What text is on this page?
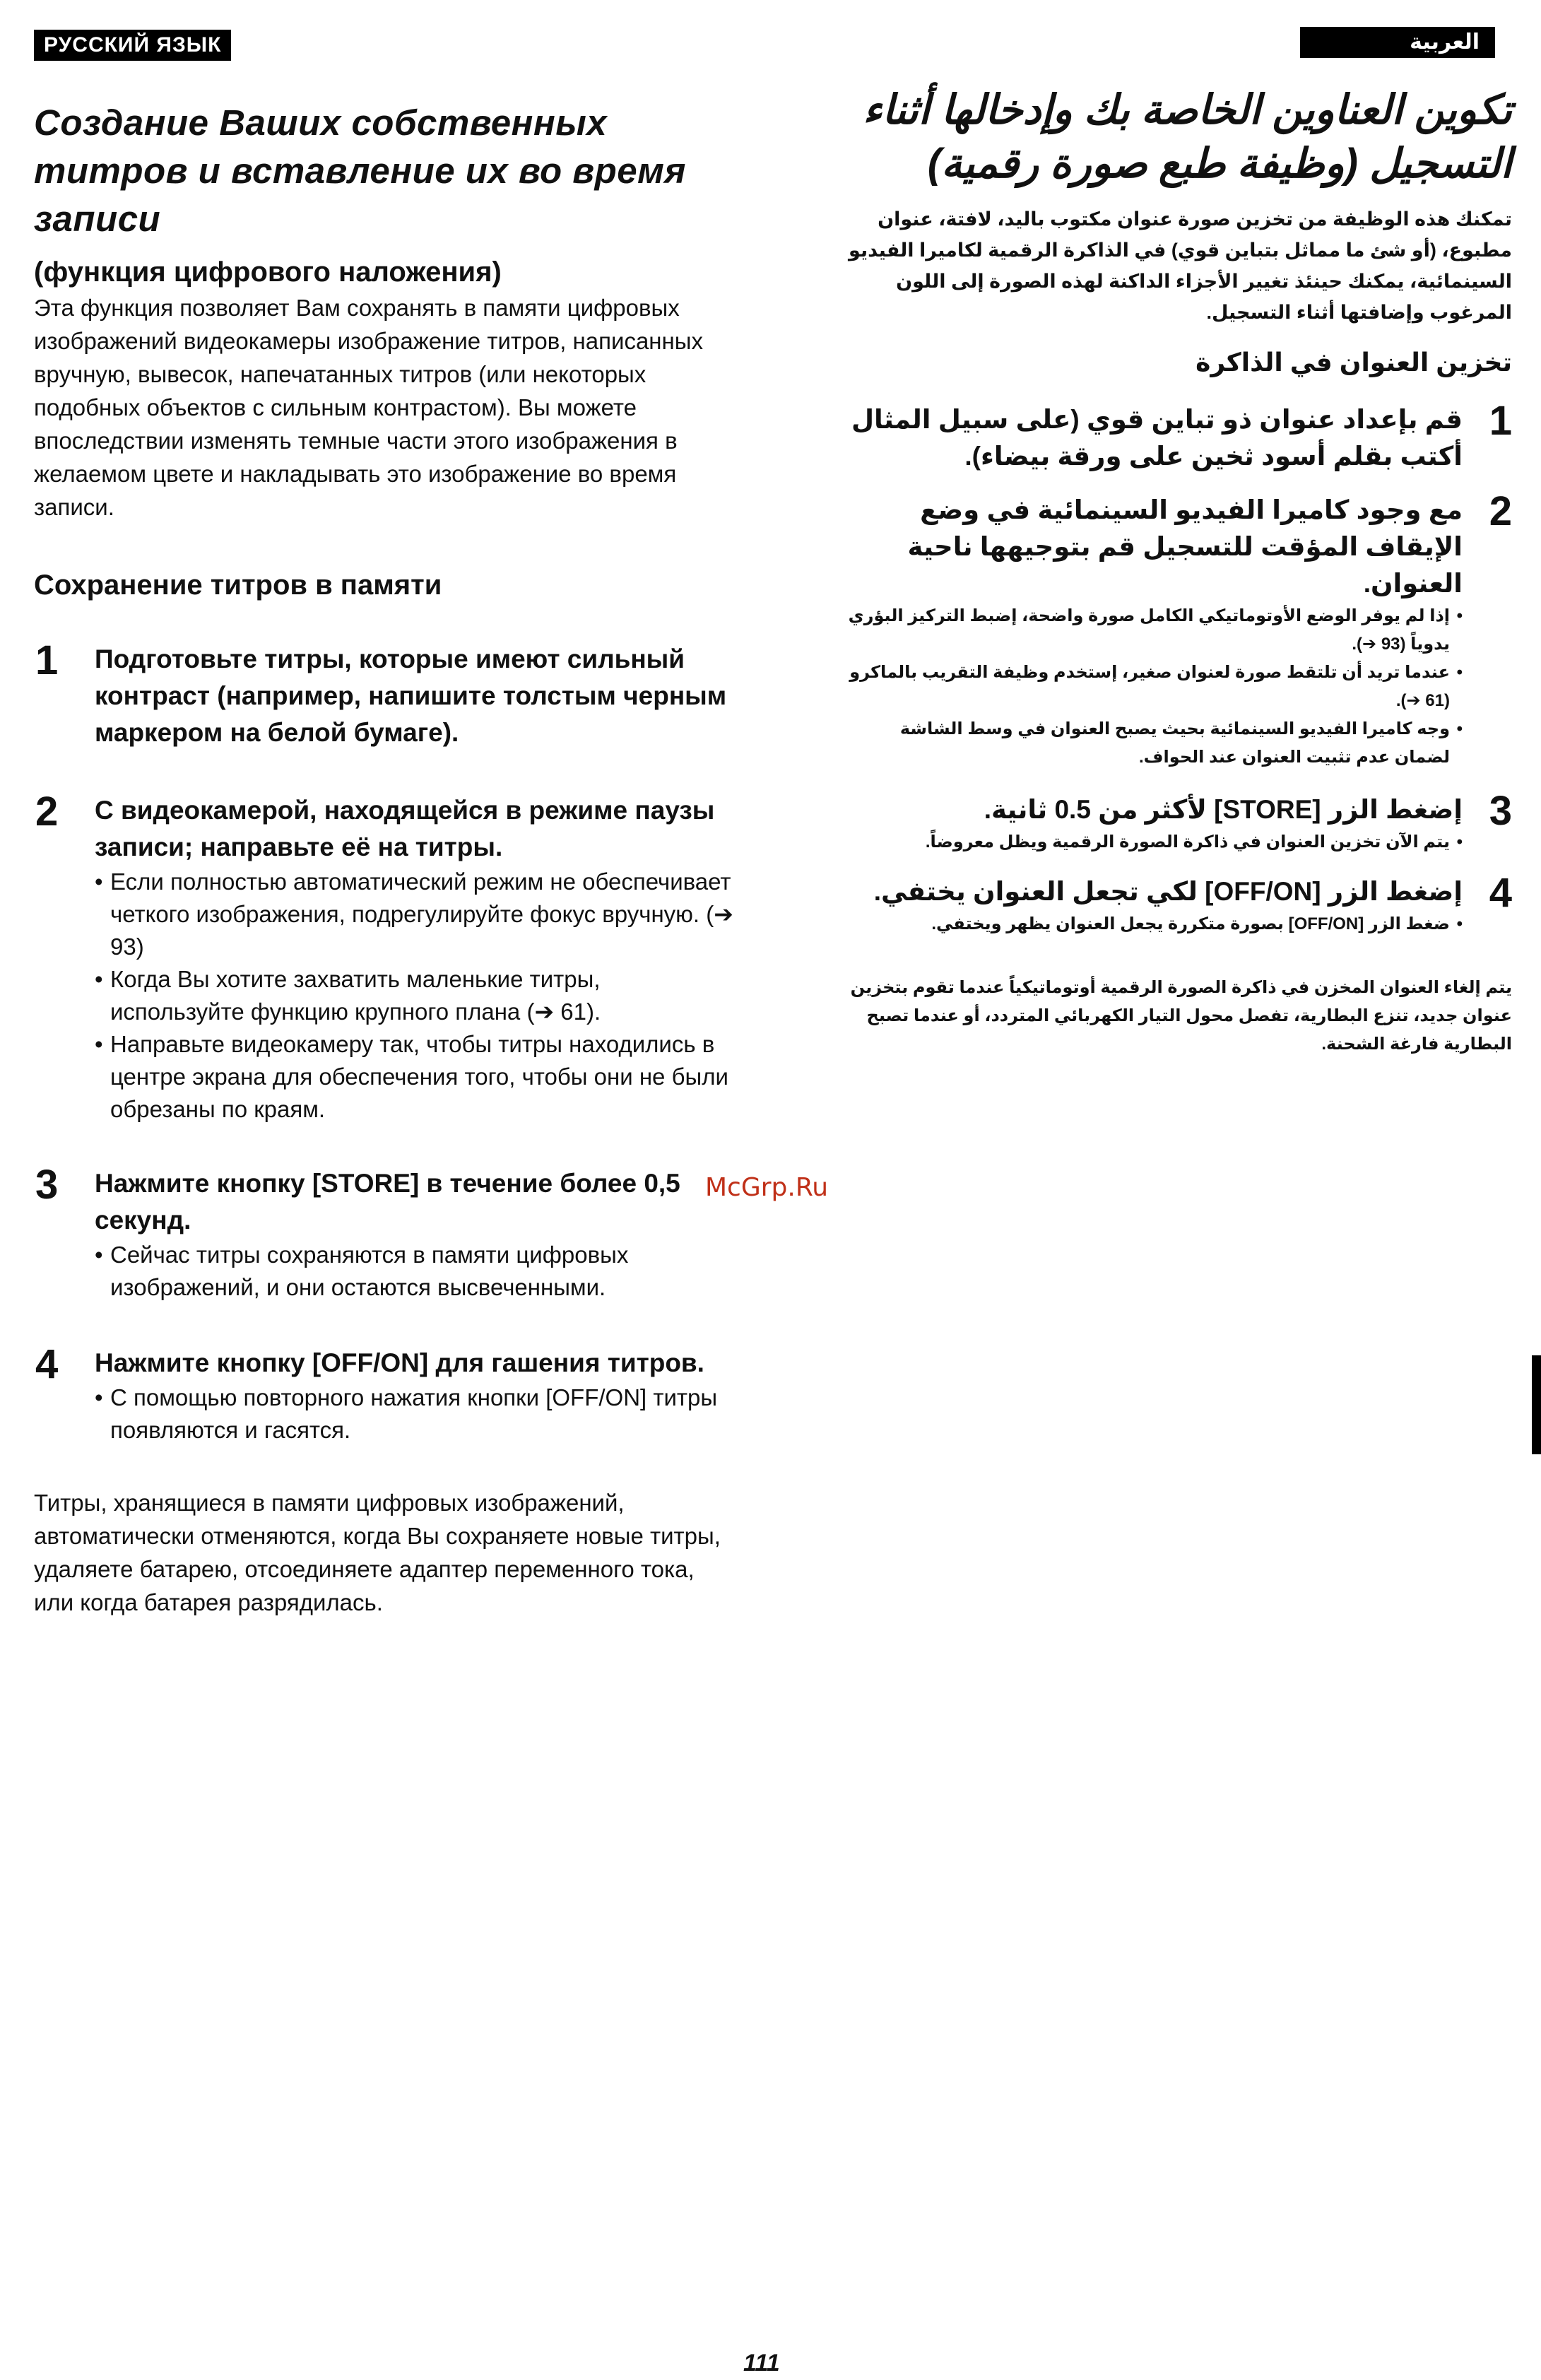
РУССКИЙ ЯЗЫК	العربية
Создание Ваших собственных титров и вставление их во время записи
(функция цифрового наложения)

Эта функция позволяет Вам сохранять в памяти цифровых изображений видеокамеры изображение титров, написанных вручную, вывесок, напечатанных титров (или некоторых подобных объектов с сильным контрастом). Вы можете впоследствии изменять темные части этого изображения в желаемом цвете и накладывать это изображение во время записи.

Сохранение титров в памяти
1 Подготовьте титры, которые имеют сильный контраст (например, напишите толстым черным маркером на белой бумаге).
2 С видеокамерой, находящейся в режиме паузы записи; направьте её на титры.
• Если полностью автоматический режим не обеспечивает четкого изображения, подрегулируйте фокус вручную. (➔ 93)
• Когда Вы хотите захватить маленькие титры, используйте функцию крупного плана (➔ 61).
• Направьте видеокамеру так, чтобы титры находились в центре экрана для обеспечения того, чтобы они не были обрезаны по краям.
3 Нажмите кнопку [STORE] в течение более 0,5 секунд.
• Сейчас титры сохраняются в памяти цифровых изображений, и они остаются высвеченными.
4 Нажмите кнопку [OFF/ON] для гашения титров.
• С помощью повторного нажатия кнопки [OFF/ON] титры появляются и гасятся.

Титры, хранящиеся в памяти цифровых изображений, автоматически отменяются, когда Вы сохраняете новые титры, удаляете батарею, отсоединяете адаптер переменного тока, или когда батарея разрядилась.

تكوين العناوين الخاصة بك وإدخالها أثناء التسجيل (وظيفة طبع صورة رقمية)

تمكنك هذه الوظيفة من تخزين صورة عنوان مكتوب باليد، لافتة، عنوان مطبوع، (أو شئ ما مماثل بتباين قوي) في الذاكرة الرقمية لكاميرا الفيديو السينمائية، يمكنك حينئذ تغيير الأجزاء الداكنة لهذه الصورة إلى اللون المرغوب وإضافتها أثناء التسجيل.

تخزين العنوان في الذاكرة
1
قم بإعداد عنوان ذو تباين قوي (على سبيل المثال أكتب بقلم أسود ثخين على ورقة بيضاء).
2
مع وجود كاميرا الفيديو السينمائية في وضع الإيقاف المؤقت للتسجيل قم بتوجيهها ناحية العنوان.
• إذا لم يوفر الوضع الأوتوماتيكي الكامل صورة واضحة، إضبط التركيز البؤري يدوياً (93 ➔).
• عندما تريد أن تلتقط صورة لعنوان صغير، إستخدم وظيفة التقريب بالماكرو (61 ➔).
• وجه كاميرا الفيديو السينمائية بحيث يصبح العنوان في وسط الشاشة لضمان عدم تثبيت العنوان عند الحواف.
3
إضغط الزر [STORE] لأكثر من 0.5 ثانية.
• يتم الآن تخزين العنوان في ذاكرة الصورة الرقمية ويظل معروضاً.
4
إضغط الزر [OFF/ON] لكي تجعل العنوان يختفي.
• ضغط الزر [OFF/ON] بصورة متكررة يجعل العنوان يظهر ويختفي.

يتم إلغاء العنوان المخزن في ذاكرة الصورة الرقمية أوتوماتيكياً عندما تقوم بتخزين عنوان جديد، تنزع البطارية، تفصل محول التيار الكهربائي المتردد، أو عندما تصبح البطارية فارغة الشحنة.

McGrp.Ru
111
